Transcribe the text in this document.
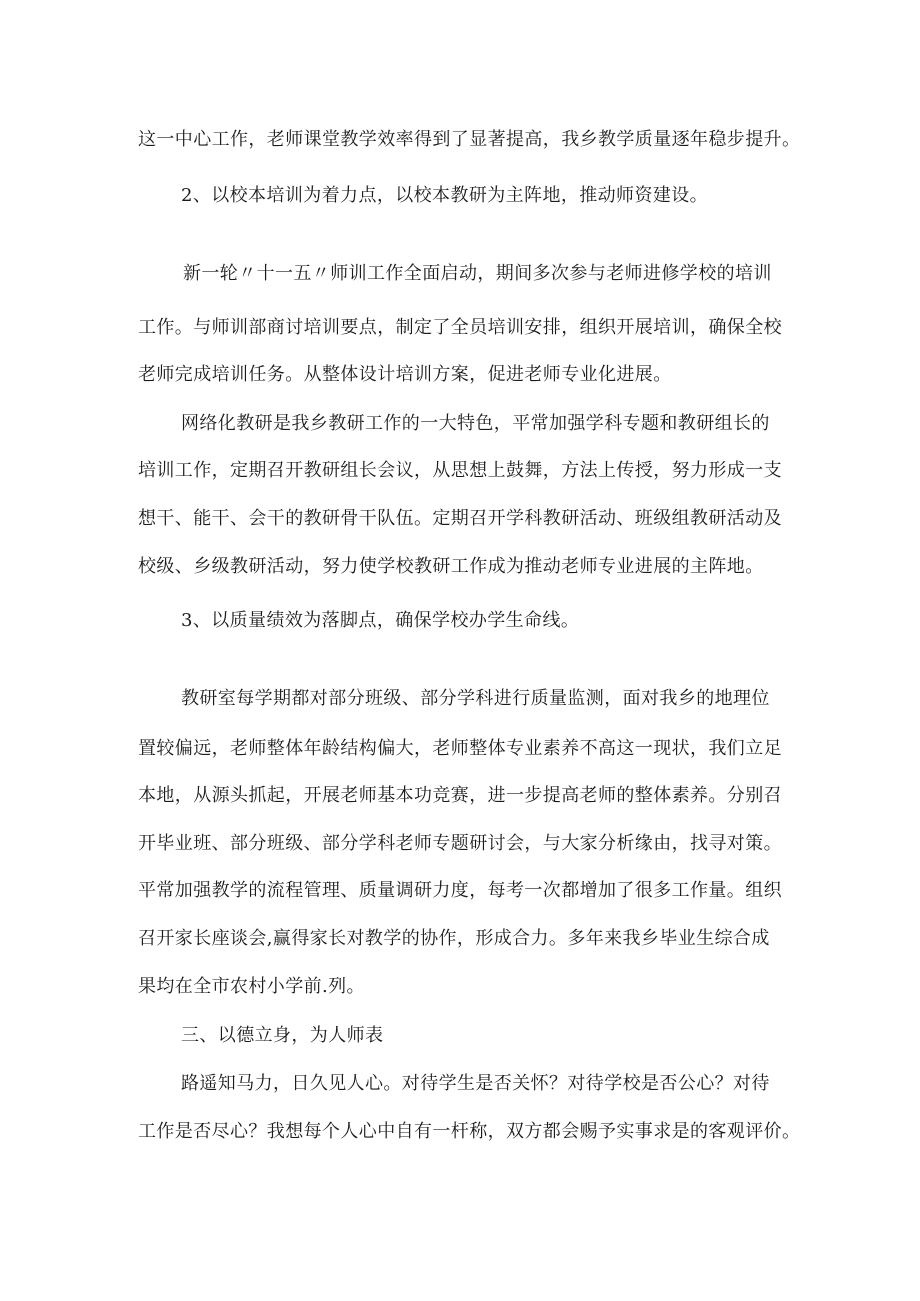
这一中心工作，老师课堂教学效率得到了显著提高，我乡教学质量逐年稳步提升。
2、以校本培训为着力点，以校本教研为主阵地，推动师资建设。
新一轮〃十一五〃师训工作全面启动，期间多次参与老师进修学校的培训
工作。与师训部商讨培训要点，制定了全员培训安排，组织开展培训，确保全校
老师完成培训任务。从整体设计培训方案，促进老师专业化进展。
网络化教研是我乡教研工作的一大特色，平常加强学科专题和教研组长的
培训工作，定期召开教研组长会议，从思想上鼓舞，方法上传授，努力形成一支
想干、能干、会干的教研骨干队伍。定期召开学科教研活动、班级组教研活动及
校级、乡级教研活动，努力使学校教研工作成为推动老师专业进展的主阵地。
3、以质量绩效为落脚点，确保学校办学生命线。
教研室每学期都对部分班级、部分学科进行质量监测，面对我乡的地理位
置较偏远，老师整体年龄结构偏大，老师整体专业素养不高这一现状，我们立足
本地，从源头抓起，开展老师基本功竞赛，进一步提高老师的整体素养。分别召
开毕业班、部分班级、部分学科老师专题研讨会，与大家分析缘由，找寻对策。
平常加强教学的流程管理、质量调研力度，每考一次都增加了很多工作量。组织
召开家长座谈会,赢得家长对教学的协作，形成合力。多年来我乡毕业生综合成
果均在全市农村小学前.列。
三、以德立身，为人师表
路遥知马力，日久见人心。对待学生是否关怀？对待学校是否公心？对待
工作是否尽心？我想每个人心中自有一杆称，双方都会赐予实事求是的客观评价。
